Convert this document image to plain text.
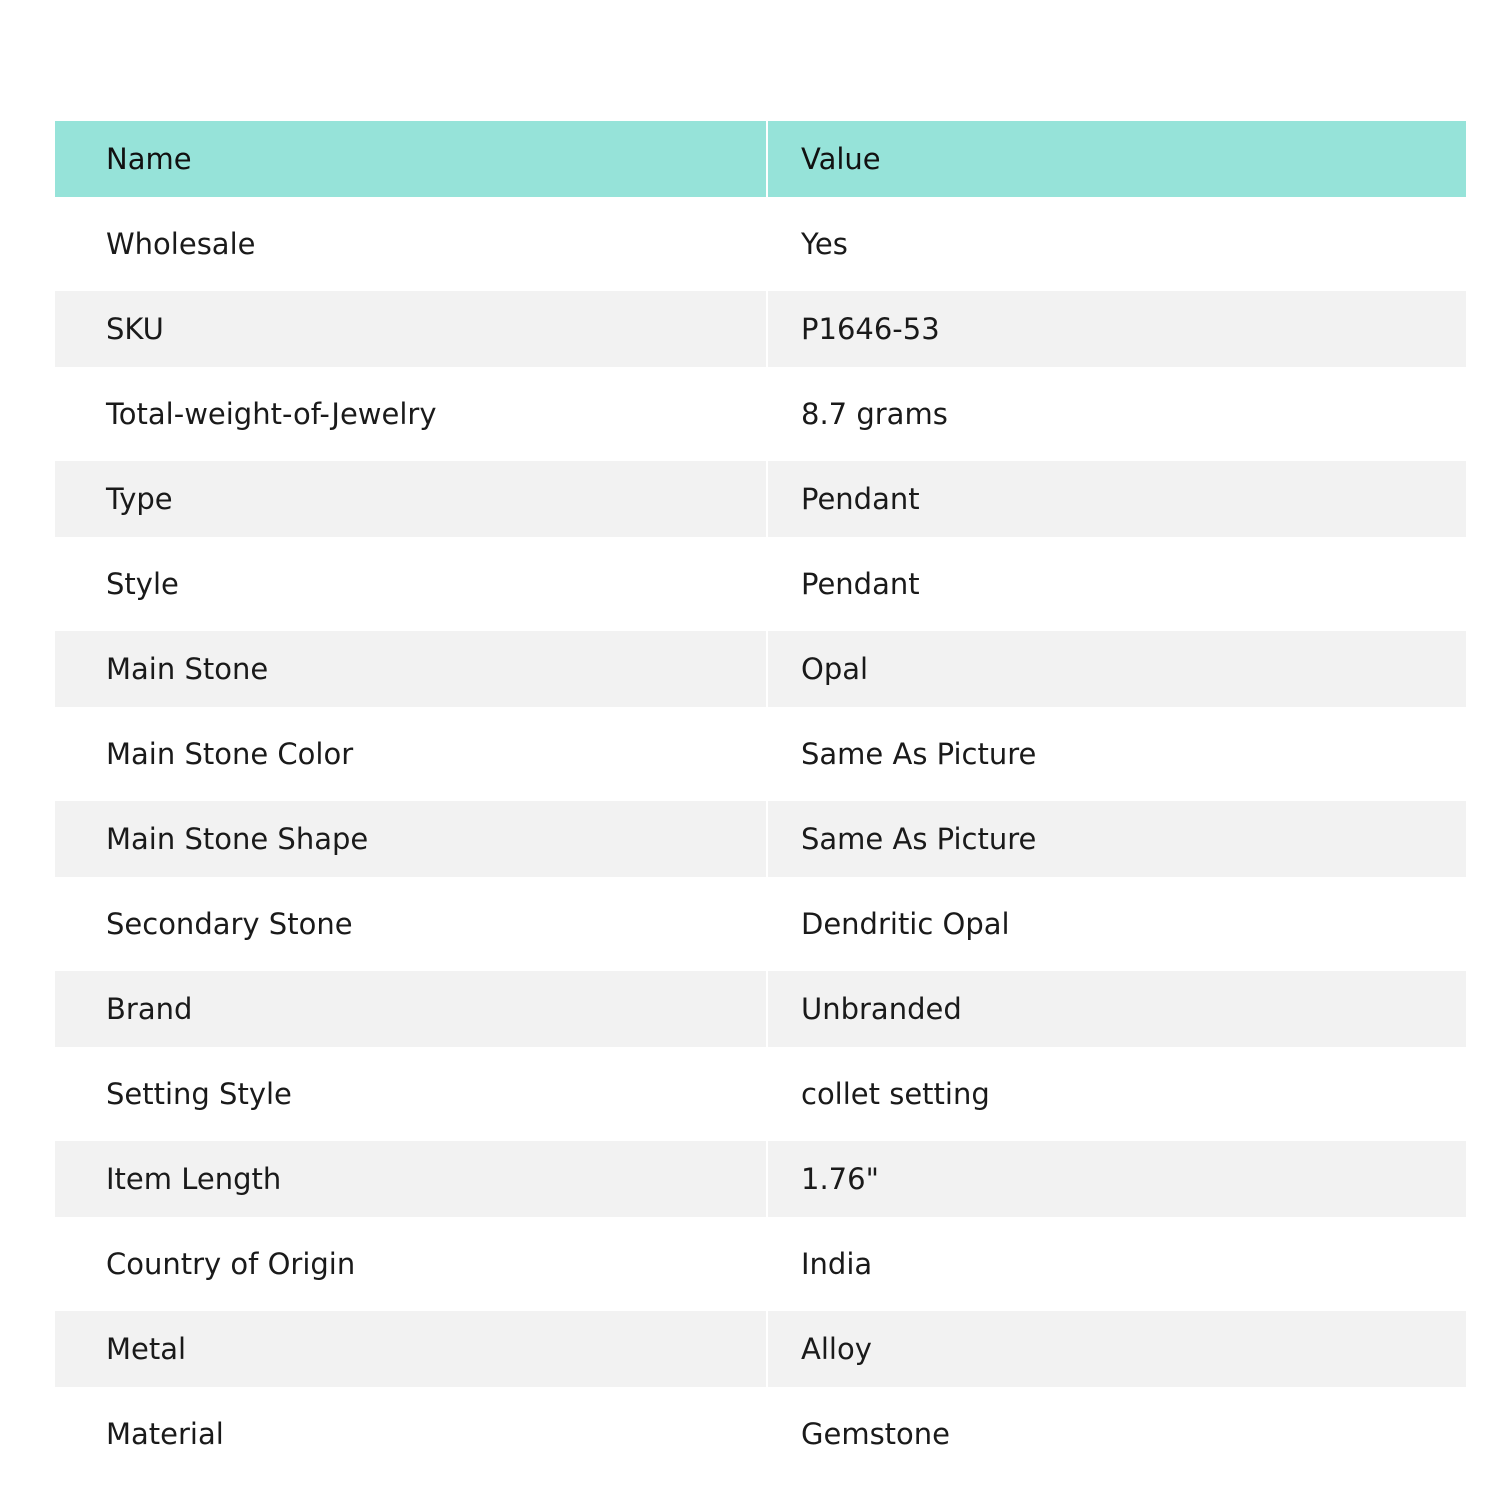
Name	Value
Wholesale	Yes
SKU	P1646-53
Total-weight-of-Jewelry	8.7 grams
Type	Pendant
Style	Pendant
Main Stone	Opal
Main Stone Color	Same As Picture
Main Stone Shape	Same As Picture
Secondary Stone	Dendritic Opal
Brand	Unbranded
Setting Style	collet setting
Item Length	1.76"
Country of Origin	India
Metal	Alloy
Material	Gemstone
